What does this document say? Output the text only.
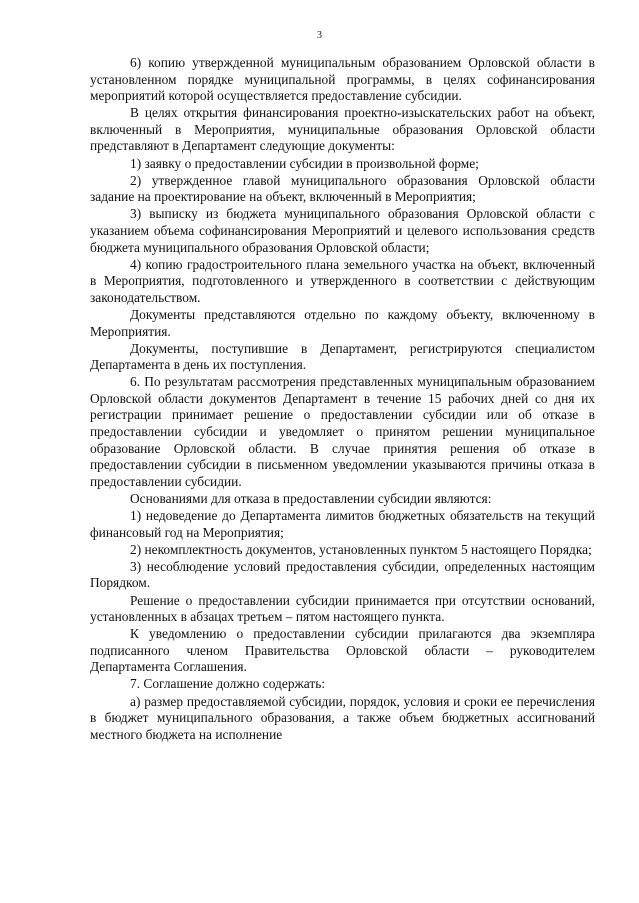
3

6) копию утвержденной муниципальным образованием Орловской области в установленном порядке муниципальной программы, в целях софинансирования мероприятий которой осуществляется предоставление субсидии.

В целях открытия финансирования проектно-изыскательских работ на объект, включенный в Мероприятия, муниципальные образования Орловской области представляют в Департамент следующие документы:

1) заявку о предоставлении субсидии в произвольной форме;

2) утвержденное главой муниципального образования Орловской области задание на проектирование на объект, включенный в Мероприятия;

3) выписку из бюджета муниципального образования Орловской области с указанием объема софинансирования Мероприятий и целевого использования средств бюджета муниципального образования Орловской области;

4) копию градостроительного плана земельного участка на объект, включенный в Мероприятия, подготовленного и утвержденного в соответствии с действующим законодательством.

Документы представляются отдельно по каждому объекту, включенному в Мероприятия.

Документы, поступившие в Департамент, регистрируются специалистом Департамента в день их поступления.

6. По результатам рассмотрения представленных муниципальным образованием Орловской области документов Департамент в течение 15 рабочих дней со дня их регистрации принимает решение о предоставлении субсидии или об отказе в предоставлении субсидии и уведомляет о принятом решении муниципальное образование Орловской области. В случае принятия решения об отказе в предоставлении субсидии в письменном уведомлении указываются причины отказа в предоставлении субсидии.

Основаниями для отказа в предоставлении субсидии являются:

1) недоведение до Департамента лимитов бюджетных обязательств на текущий финансовый год на Мероприятия;

2) некомплектность документов, установленных пунктом 5 настоящего Порядка;

3) несоблюдение условий предоставления субсидии, определенных настоящим Порядком.

Решение о предоставлении субсидии принимается при отсутствии оснований, установленных в абзацах третьем – пятом настоящего пункта.

К уведомлению о предоставлении субсидии прилагаются два экземпляра подписанного членом Правительства Орловской области – руководителем Департамента Соглашения.

7. Соглашение должно содержать:

а) размер предоставляемой субсидии, порядок, условия и сроки ее перечисления в бюджет муниципального образования, а также объем бюджетных ассигнований местного бюджета на исполнение
